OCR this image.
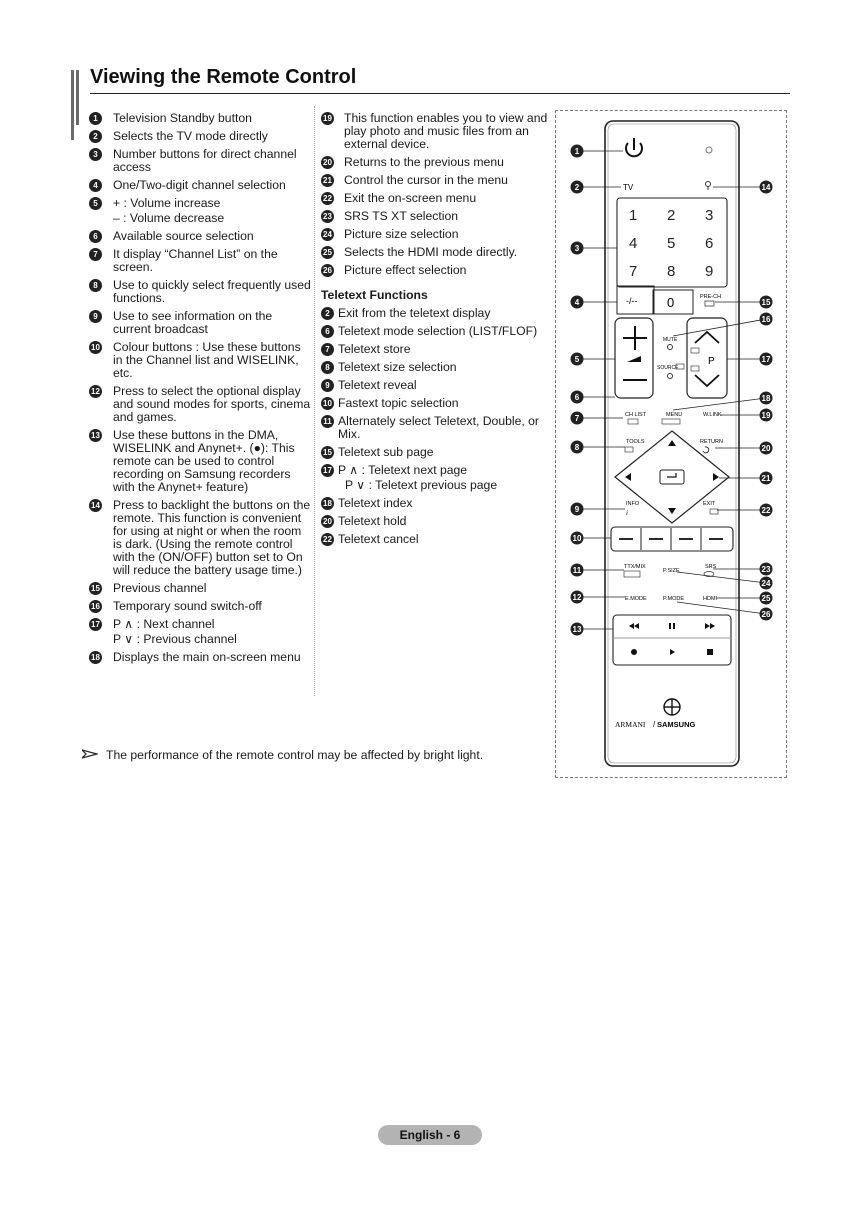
Viewing the Remote Control
1	Television Standby button
2	Selects the TV mode directly
3	Number buttons for direct channel access
4	One/Two-digit channel selection
5	+ : Volume increase
– : Volume decrease
6	Available source selection
7	It display “Channel List” on the screen.
8	Use to quickly select frequently used functions.
9	Use to see information on the current broadcast
10 Colour buttons : Use these buttons in the Channel list and WISELINK, etc.
12 Press to select the optional display and sound modes for sports, cinema and games.
13 Use these buttons in the DMA, WISELINK and Anynet+. (●): This remote can be used to control recording on Samsung recorders with the Anynet+ feature)
14 Press to backlight the buttons on the remote. This function is convenient for using at night or when the room is dark. (Using the remote control with the (ON/OFF) button set to On will reduce the battery usage time.)
15 Previous channel
16 Temporary sound switch-off
17 P ∧ : Next channel
P ∨ : Previous channel
18 Displays the main on-screen menu
19 This function enables you to view and play photo and music files from an external device.
20 Returns to the previous menu
21 Control the cursor in the menu
22 Exit the on-screen menu
23 SRS TS XT selection
24 Picture size selection
25 Selects the HDMI mode directly.
26 Picture effect selection
Teletext Functions
2 Exit from the teletext display
6 Teletext mode selection (LIST/FLOF)
7 Teletext store
8 Teletext size selection
9 Teletext reveal
10 Fastext topic selection
11 Alternately select Teletext, Double, or Mix.
15 Teletext sub page
17 P ∧ : Teletext next page
P ∨ : Teletext previous page
18 Teletext index
20 Teletext hold
22 Teletext cancel
The performance of the remote control may be affected by bright light.
TV
1 2 3
4 5 6
7 8 9
-/-- 0	PRE-CH
MUTE
SOURCE
P
CH LIST	MENU	W.LINK
TOOLS	RETURN
INFO
i
EXIT
TTX/MIX
P.SIZE
SRS
E.MODE	P.MODE	HDMI
ARMANI / SAMSUNG
1
2
3
4
5
6
7
8
9
10
11
12
13
14
15
16
17
18
19
20
21
22
23
24
25
26
English - 6
